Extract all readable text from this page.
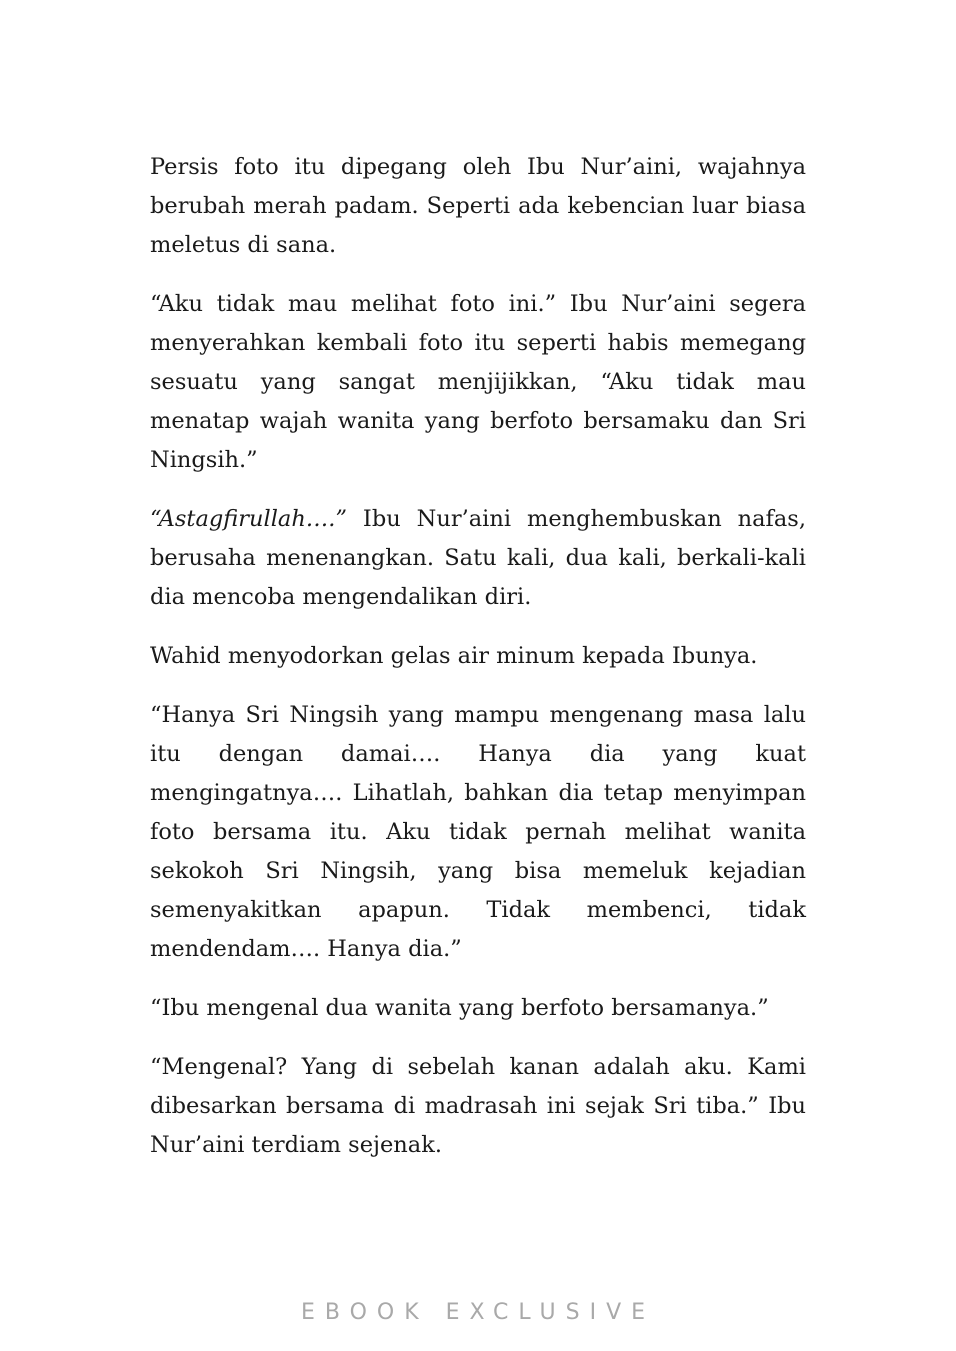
Persis foto itu dipegang oleh Ibu Nur’aini, wajahnya berubah merah padam. Seperti ada kebencian luar biasa meletus di sana.

“Aku tidak mau melihat foto ini.” Ibu Nur’aini segera menyerahkan kembali foto itu seperti habis memegang sesuatu yang sangat menjijikkan, “Aku tidak mau menatap wajah wanita yang berfoto bersamaku dan Sri Ningsih.”

“Astagfirullah….” Ibu Nur’aini menghembuskan nafas, berusaha menenangkan. Satu kali, dua kali, berkali-kali dia mencoba mengendalikan diri.

Wahid menyodorkan gelas air minum kepada Ibunya.

“Hanya Sri Ningsih yang mampu mengenang masa lalu itu dengan damai…. Hanya dia yang kuat mengingatnya…. Lihatlah, bahkan dia tetap menyimpan foto bersama itu. Aku tidak pernah melihat wanita sekokoh Sri Ningsih, yang bisa memeluk kejadian semenyakitkan apapun. Tidak membenci, tidak mendendam…. Hanya dia.”

“Ibu mengenal dua wanita yang berfoto bersamanya.”

“Mengenal? Yang di sebelah kanan adalah aku. Kami dibesarkan bersama di madrasah ini sejak Sri tiba.” Ibu Nur’aini terdiam sejenak.

EBOOK EXCLUSIVE
